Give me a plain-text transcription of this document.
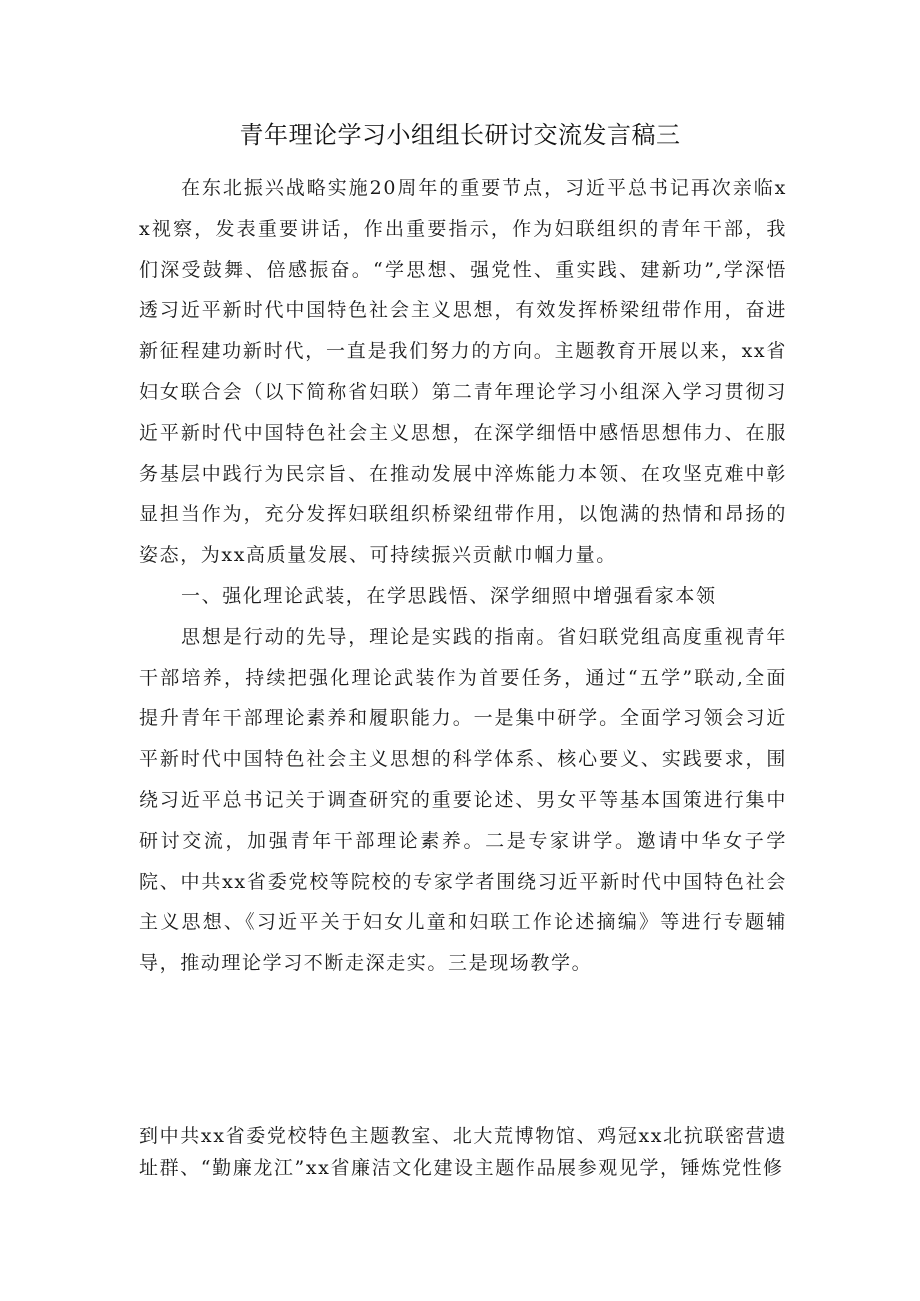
青年理论学习小组组长研讨交流发言稿三

在东北振兴战略实施20周年的重要节点，习近平总书记再次亲临xx视察，发表重要讲话，作出重要指示，作为妇联组织的青年干部，我们深受鼓舞、倍感振奋。“学思想、强党性、重实践、建新功”,学深悟透习近平新时代中国特色社会主义思想，有效发挥桥梁纽带作用，奋进新征程建功新时代，一直是我们努力的方向。主题教育开展以来，xx省妇女联合会（以下简称省妇联）第二青年理论学习小组深入学习贯彻习近平新时代中国特色社会主义思想，在深学细悟中感悟思想伟力、在服务基层中践行为民宗旨、在推动发展中淬炼能力本领、在攻坚克难中彰显担当作为，充分发挥妇联组织桥梁纽带作用，以饱满的热情和昂扬的姿态，为xx高质量发展、可持续振兴贡献巾帼力量。

一、强化理论武装，在学思践悟、深学细照中增强看家本领

思想是行动的先导，理论是实践的指南。省妇联党组高度重视青年干部培养，持续把强化理论武装作为首要任务，通过“五学”联动,全面提升青年干部理论素养和履职能力。一是集中研学。全面学习领会习近平新时代中国特色社会主义思想的科学体系、核心要义、实践要求，围绕习近平总书记关于调查研究的重要论述、男女平等基本国策进行集中研讨交流，加强青年干部理论素养。二是专家讲学。邀请中华女子学院、中共xx省委党校等院校的专家学者围绕习近平新时代中国特色社会主义思想、《习近平关于妇女儿童和妇联工作论述摘编》等进行专题辅导，推动理论学习不断走深走实。三是现场教学。

到中共xx省委党校特色主题教室、北大荒博物馆、鸡冠xx北抗联密营遗址群、“勤廉龙江”xx省廉洁文化建设主题作品展参观见学，锤炼党性修
